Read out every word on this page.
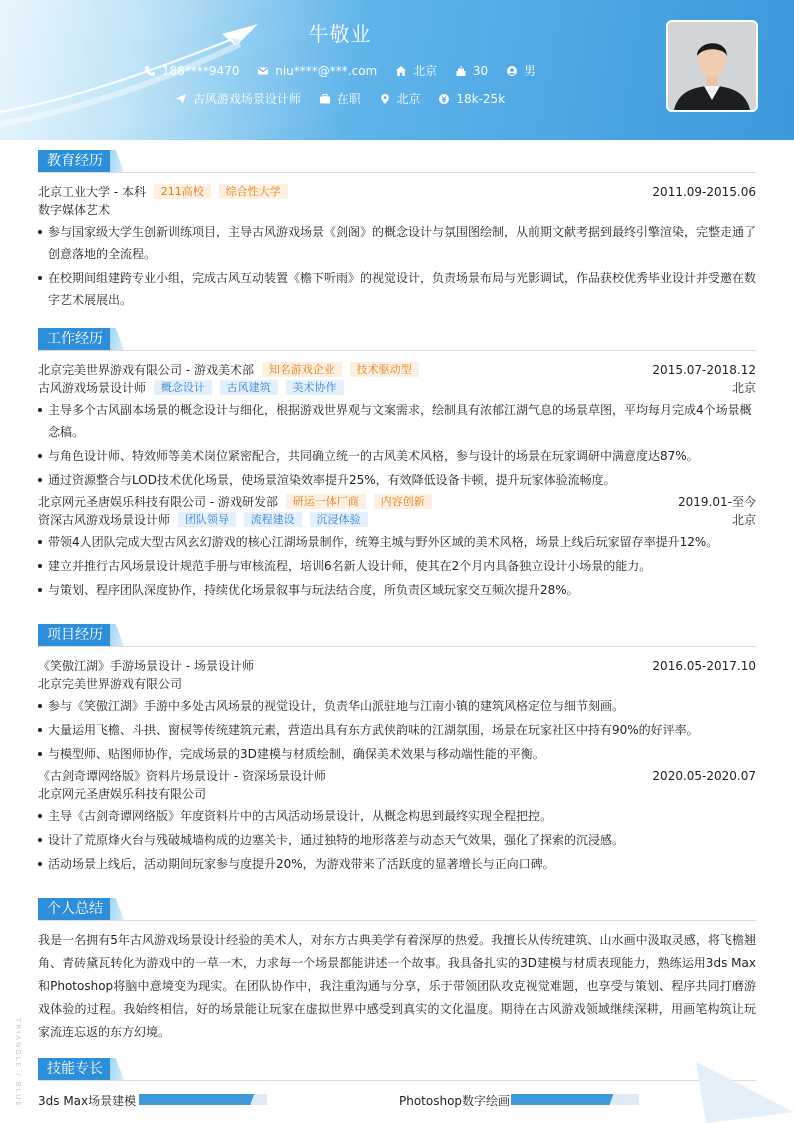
牛敬业
188****9470
	niu****@***.com
	北京
	30
	男
古风游戏场景设计师
	在职
	北京
	18k-25k
教育经历
北京工业大学 - 本科 211高校 综合性大学	2011.09-2015.06
数字媒体艺术
参与国家级大学生创新训练项目，主导古风游戏场景《剑阁》的概念设计与氛围图绘制，从前期文献考据到最终引擎渲染，完整走通了创意落地的全流程。
在校期间组建跨专业小组，完成古风互动装置《檐下听雨》的视觉设计，负责场景布局与光影调试，作品获校优秀毕业设计并受邀在数字艺术展展出。
工作经历
北京完美世界游戏有限公司 - 游戏美术部 知名游戏企业 技术驱动型	2015.07-2018.12
古风游戏场景设计师 概念设计 古风建筑 美术协作	北京
主导多个古风副本场景的概念设计与细化，根据游戏世界观与文案需求，绘制具有浓郁江湖气息的场景草图，平均每月完成4个场景概念稿。
与角色设计师、特效师等美术岗位紧密配合，共同确立统一的古风美术风格，参与设计的场景在玩家调研中满意度达87%。
通过资源整合与LOD技术优化场景，使场景渲染效率提升25%，有效降低设备卡顿，提升玩家体验流畅度。
北京网元圣唐娱乐科技有限公司 - 游戏研发部 研运一体厂商 内容创新	2019.01-至今
资深古风游戏场景设计师 团队领导 流程建设 沉浸体验	北京
带领4人团队完成大型古风玄幻游戏的核心江湖场景制作，统筹主城与野外区域的美术风格，场景上线后玩家留存率提升12%。
建立并推行古风场景设计规范手册与审核流程，培训6名新人设计师，使其在2个月内具备独立设计小场景的能力。
与策划、程序团队深度协作，持续优化场景叙事与玩法结合度，所负责区域玩家交互频次提升28%。
项目经历
《笑傲江湖》手游场景设计 - 场景设计师	2016.05-2017.10
北京完美世界游戏有限公司
参与《笑傲江湖》手游中多处古风场景的视觉设计，负责华山派驻地与江南小镇的建筑风格定位与细节刻画。
大量运用飞檐、斗拱、窗棂等传统建筑元素，营造出具有东方武侠韵味的江湖氛围，场景在玩家社区中持有90%的好评率。
与模型师、贴图师协作，完成场景的3D建模与材质绘制，确保美术效果与移动端性能的平衡。
《古剑奇谭网络版》资料片场景设计 - 资深场景设计师	2020.05-2020.07
北京网元圣唐娱乐科技有限公司
主导《古剑奇谭网络版》年度资料片中的古风活动场景设计，从概念构思到最终实现全程把控。
设计了荒原烽火台与残破城墙构成的边塞关卡，通过独特的地形落差与动态天气效果，强化了探索的沉浸感。
活动场景上线后，活动期间玩家参与度提升20%，为游戏带来了活跃度的显著增长与正向口碑。
个人总结
我是一名拥有5年古风游戏场景设计经验的美术人，对东方古典美学有着深厚的热爱。我擅长从传统建筑、山水画中汲取灵感，将飞檐翘角、青砖黛瓦转化为游戏中的一草一木，力求每一个场景都能讲述一个故事。我具备扎实的3D建模与材质表现能力，熟练运用3ds Max和Photoshop将脑中意境变为现实。在团队协作中，我注重沟通与分享，乐于带领团队攻克视觉难题，也享受与策划、程序共同打磨游戏体验的过程。我始终相信，好的场景能让玩家在虚拟世界中感受到真实的文化温度。期待在古风游戏领域继续深耕，用画笔构筑让玩家流连忘返的东方幻境。
技能专长
3ds Max场景建模	Photoshop数字绘画
TRIANGLE / BLUE
